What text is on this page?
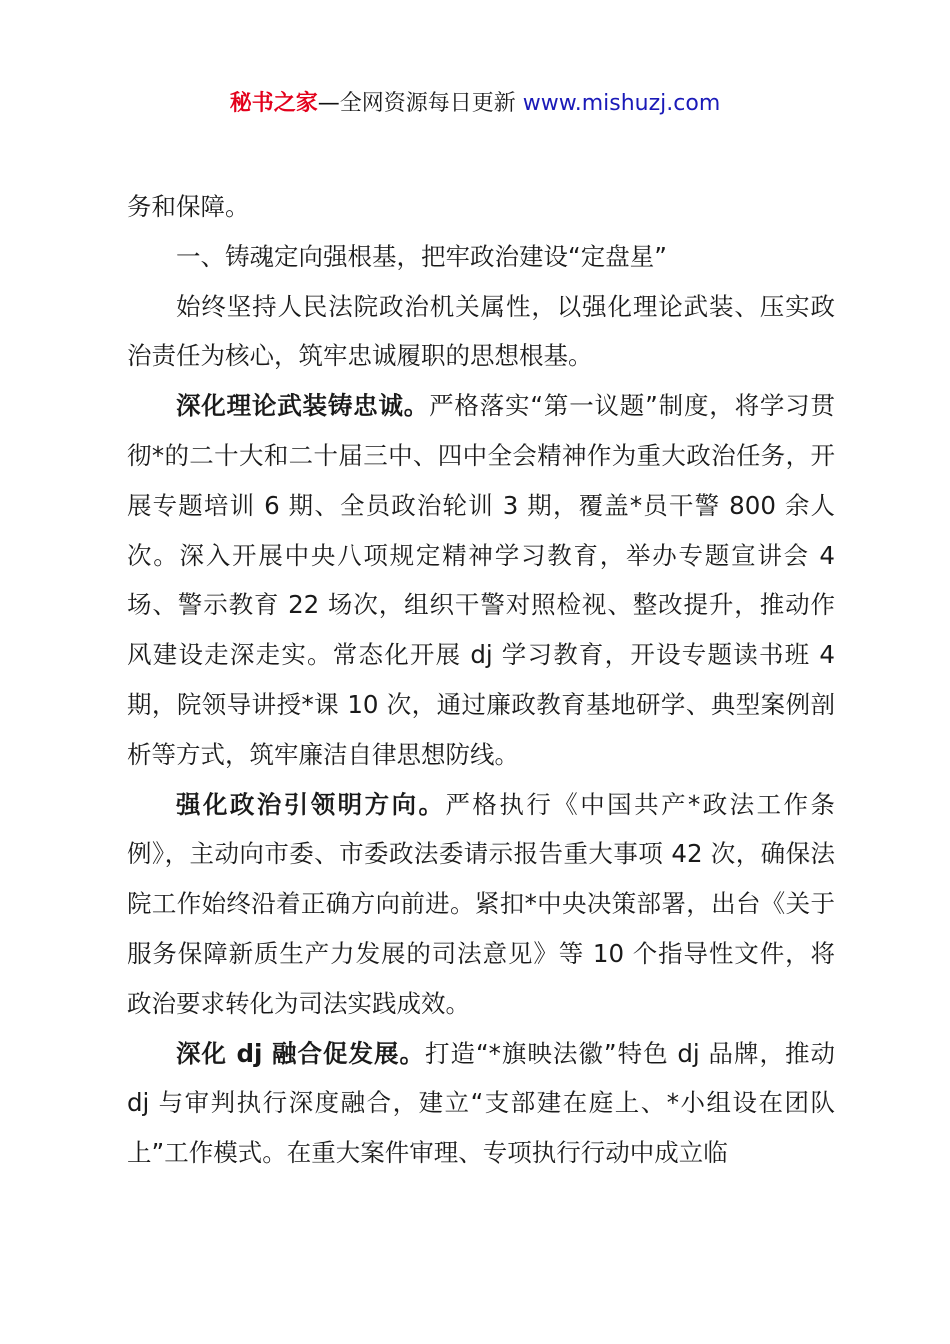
秘书之家—全网资源每日更新 www.mishuzj.com

务和保障。

一、铸魂定向强根基，把牢政治建设“定盘星”

始终坚持人民法院政治机关属性，以强化理论武装、压实政治责任为核心，筑牢忠诚履职的思想根基。

深化理论武装铸忠诚。严格落实“第一议题”制度，将学习贯彻*的二十大和二十届三中、四中全会精神作为重大政治任务，开展专题培训 6 期、全员政治轮训 3 期，覆盖*员干警 800 余人次。深入开展中央八项规定精神学习教育，举办专题宣讲会 4 场、警示教育 22 场次，组织干警对照检视、整改提升，推动作风建设走深走实。常态化开展 dj 学习教育，开设专题读书班 4 期，院领导讲授*课 10 次，通过廉政教育基地研学、典型案例剖析等方式，筑牢廉洁自律思想防线。

强化政治引领明方向。严格执行《中国共产*政法工作条例》，主动向市委、市委政法委请示报告重大事项 42 次，确保法院工作始终沿着正确方向前进。紧扣*中央决策部署，出台《关于服务保障新质生产力发展的司法意见》等 10 个指导性文件，将政治要求转化为司法实践成效。

深化 dj 融合促发展。打造“*旗映法徽”特色 dj 品牌，推动 dj 与审判执行深度融合，建立“支部建在庭上、*小组设在团队上”工作模式。在重大案件审理、专项执行行动中成立临
